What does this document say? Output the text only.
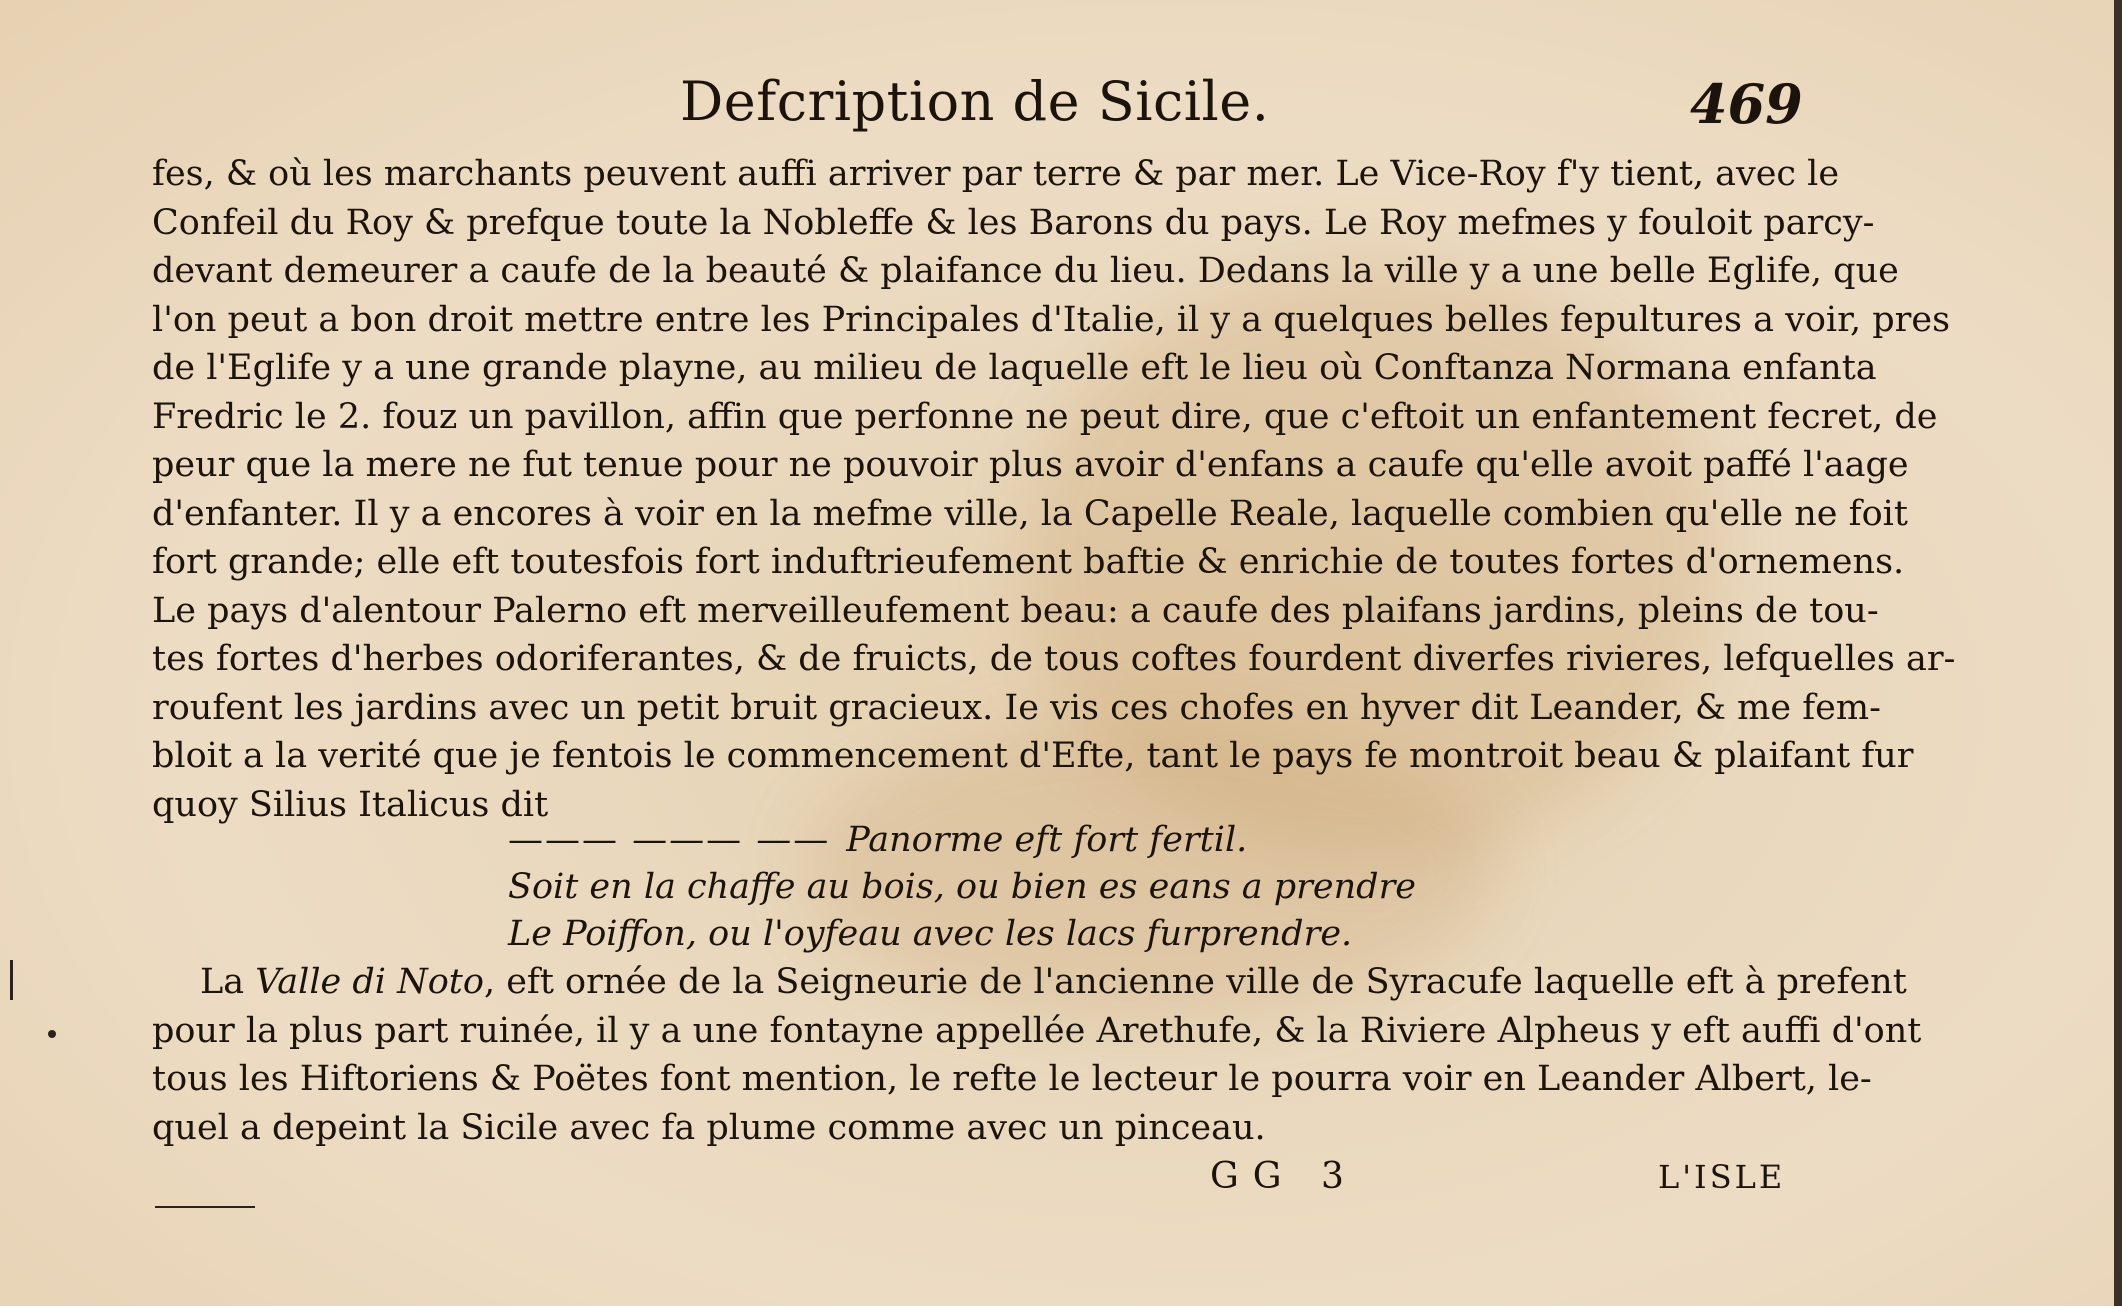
Defcription de Sicile.	469
fes, & où les marchants peuvent auffi arriver par terre & par mer. Le Vice-Roy f'y tient, avec le
Confeil du Roy & prefque toute la Nobleffe & les Barons du pays. Le Roy mefmes y fouloit parcy-
devant demeurer a caufe de la beauté & plaifance du lieu. Dedans la ville y a une belle Eglife, que
l'on peut a bon droit mettre entre les Principales d'Italie, il y a quelques belles fepultures a voir, pres
de l'Eglife y a une grande playne, au milieu de laquelle eft le lieu où Conftanza Normana enfanta
Fredric le 2. fouz un pavillon, affin que perfonne ne peut dire, que c'eftoit un enfantement fecret, de
peur que la mere ne fut tenue pour ne pouvoir plus avoir d'enfans a caufe qu'elle avoit paffé l'aage
d'enfanter. Il y a encores à voir en la mefme ville, la Capelle Reale, laquelle combien qu'elle ne foit
fort grande; elle eft toutesfois fort induftrieufement baftie & enrichie de toutes fortes d'ornemens.
Le pays d'alentour Palerno eft merveilleufement beau: a caufe des plaifans jardins, pleins de tou-
tes fortes d'herbes odoriferantes, & de fruicts, de tous coftes fourdent diverfes rivieres, lefquelles ar-
roufent les jardins avec un petit bruit gracieux. Ie vis ces chofes en hyver dit Leander, & me fem-
bloit a la verité que je fentois le commencement d'Efte, tant le pays fe montroit beau & plaifant fur
quoy Silius Italicus dit
——— ——— —— Panorme eft fort fertil.
Soit en la chaffe au bois, ou bien es eans a prendre
Le Poiffon, ou l'oyfeau avec les lacs furprendre.
La Valle di Noto, eft ornée de la Seigneurie de l'ancienne ville de Syracufe laquelle eft à prefent
pour la plus part ruinée, il y a une fontayne appellée Arethufe, & la Riviere Alpheus y eft auffi d'ont
tous les Hiftoriens & Poëtes font mention, le refte le lecteur le pourra voir en Leander Albert, le-
quel a depeint la Sicile avec fa plume comme avec un pinceau.
GG 3	L'ISLE
